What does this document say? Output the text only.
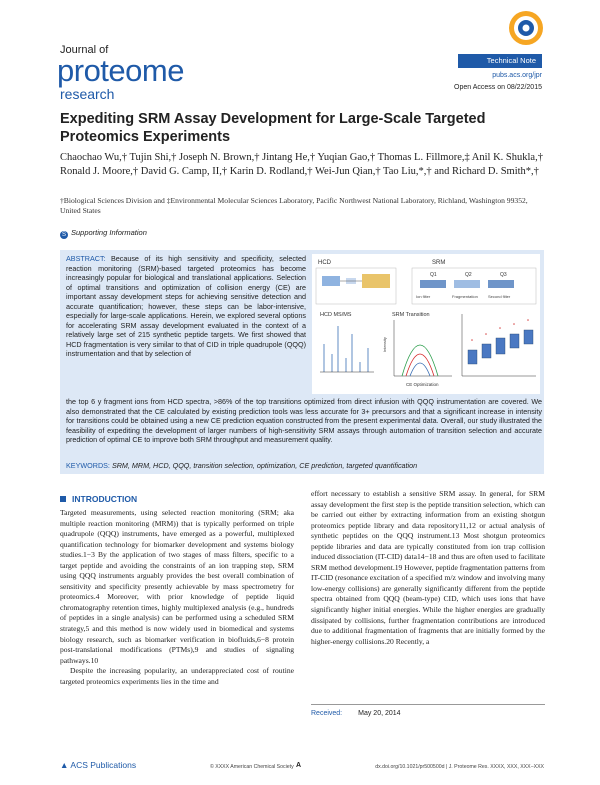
Journal of
proteome
research
Technical Note
pubs.acs.org/jpr
Open Access on 08/22/2015
Expediting SRM Assay Development for Large-Scale Targeted Proteomics Experiments
Chaochao Wu,† Tujin Shi,† Joseph N. Brown,† Jintang He,† Yuqian Gao,† Thomas L. Fillmore,‡ Anil K. Shukla,† Ronald J. Moore,† David G. Camp, II,† Karin D. Rodland,† Wei-Jun Qian,† Tao Liu,*,† and Richard D. Smith*,†
†Biological Sciences Division and ‡Environmental Molecular Sciences Laboratory, Pacific Northwest National Laboratory, Richland, Washington 99352, United States
S Supporting Information
ABSTRACT: Because of its high sensitivity and specificity, selected reaction monitoring (SRM)-based targeted proteomics has become increasingly popular for biological and translational applications. Selection of optimal transitions and optimization of collision energy (CE) are important assay development steps for achieving sensitive detection and accurate quantification; however, these steps can be labor-intensive, especially for large-scale applications. Herein, we explored several options for accelerating SRM assay development evaluated in the context of a relatively large set of 215 synthetic peptide targets. We first showed that HCD fragmentation is very similar to that of CID in triple quadrupole (QQQ) instrumentation and that by selection of
HCD	SRM
Q1	Q2	Q3
Ion filter	Fragmentation	Second filter
HCD MS/MS	SRM Transition
Intensity
CE Optimization
the top 6 y fragment ions from HCD spectra, >86% of the top transitions optimized from direct infusion with QQQ instrumentation are covered. We also demonstrated that the CE calculated by existing prediction tools was less accurate for 3+ precursors and that a significant increase in intensity for transitions could be obtained using a new CE prediction equation constructed from the present experimental data. Overall, our study illustrated the feasibility of expediting the development of larger numbers of high-sensitivity SRM assays through automation of transition selection and accurate prediction of optimal CE to improve both SRM throughput and measurement quality.
KEYWORDS: SRM, MRM, HCD, QQQ, transition selection, optimization, CE prediction, targeted quantification
INTRODUCTION

Targeted measurements, using selected reaction monitoring (SRM; aka multiple reaction monitoring (MRM)) that is typically performed on triple quadrupole (QQQ) instruments, have emerged as a powerful, multiplexed quantification technology for biomarker development and systems biology studies.1−3 By the application of two stages of mass filters, specific to a target peptide and avoiding the constraints of an ion trapping step, SRM using QQQ instruments arguably provides the best overall combination of sensitivity and specificity presently achievable by mass spectrometry for proteomics.4 Moreover, with prior knowledge of peptide liquid chromatography retention times, highly multiplexed analysis (e.g., hundreds of peptides in a single analysis) can be performed using a scheduled SRM strategy,5 and this method is now widely used in biomedical and systems biology research, such as biomarker verification in biofluids,6−8 protein post-translational modifications (PTMs),9 and studies of signaling pathways.10

Despite the increasing popularity, an underappreciated cost of routine targeted proteomics experiments lies in the time and

effort necessary to establish a sensitive SRM assay. In general, for SRM assay development the first step is the peptide transition selection, which can be carried out either by extracting information from an existing shotgun proteomics peptide library and data repository11,12 or actual analysis of synthetic peptides on the QQQ instrument.13 Most shotgun proteomics peptide libraries and data are typically constituted from ion trap collision induced dissociation (IT-CID) data14−18 and thus are often used to facilitate SRM method development.19 However, peptide fragmentation patterns from IT-CID (resonance excitation of a specified m/z window and involving many low-energy collisions) are generally significantly different from the peptide spectra obtained from QQQ (beam-type) CID, which uses ions that have significantly higher initial energies. While the higher energies are gradually dissipated by collisions, further fragmentation contributions are introduced due to additional fragmentation of fragments that are initially formed by the higher-energy collisions.20 Recently, a

Received: May 20, 2014
▲ ACS Publications	© XXXX American Chemical Society A	dx.doi.org/10.1021/pr500500d | J. Proteome Res. XXXX, XXX, XXX−XXX
